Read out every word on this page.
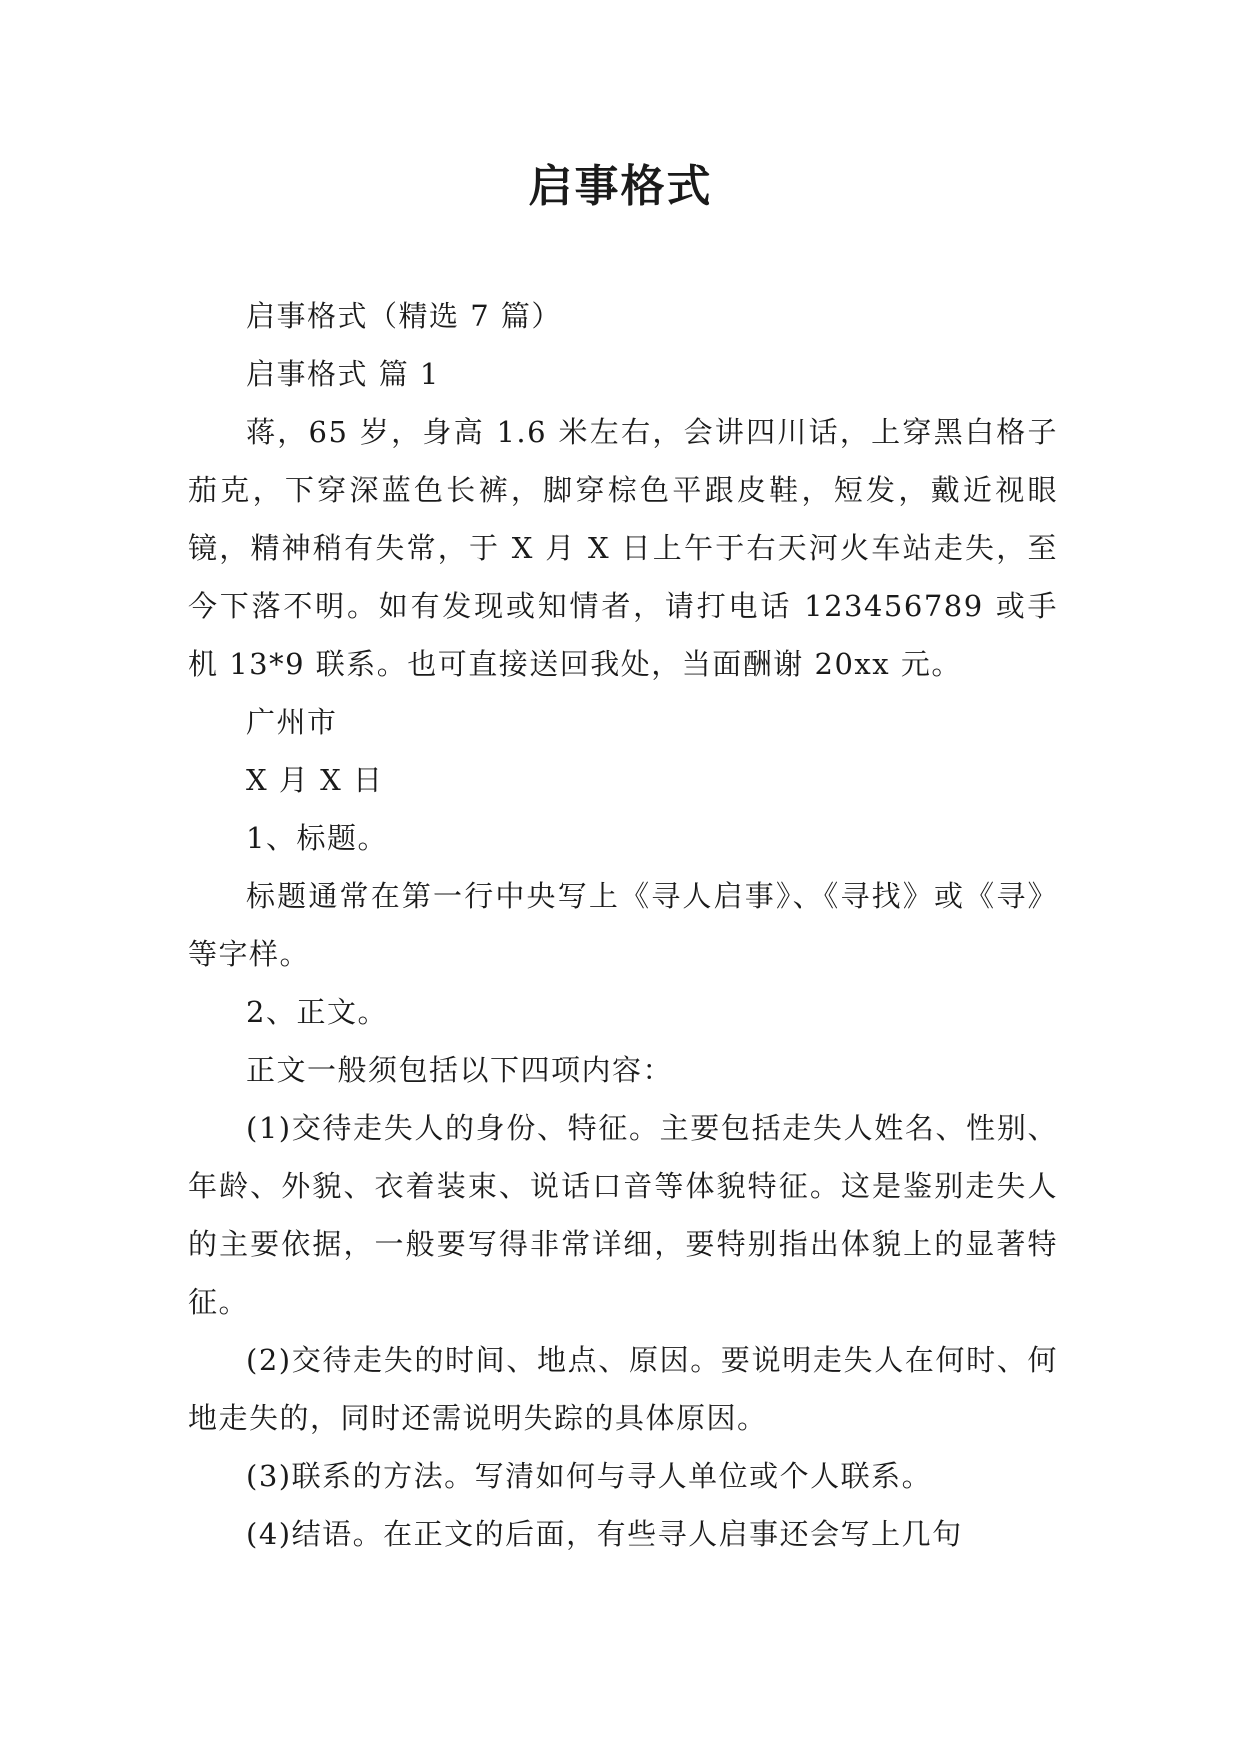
启事格式

启事格式（精选 7 篇）

启事格式 篇 1

蒋，65 岁，身高 1.6 米左右，会讲四川话，上穿黑白格子茄克，下穿深蓝色长裤，脚穿棕色平跟皮鞋，短发，戴近视眼镜，精神稍有失常，于 X 月 X 日上午于右天河火车站走失，至今下落不明。如有发现或知情者，请打电话 123456789 或手机 13*9 联系。也可直接送回我处，当面酬谢 20xx 元。

广州市

X 月 X 日

1、标题。

标题通常在第一行中央写上《寻人启事》、《寻找》或《寻》等字样。

2、正文。

正文一般须包括以下四项内容：

(1)交待走失人的身份、特征。主要包括走失人姓名、性别、年龄、外貌、衣着装束、说话口音等体貌特征。这是鉴别走失人的主要依据，一般要写得非常详细，要特别指出体貌上的显著特征。

(2)交待走失的时间、地点、原因。要说明走失人在何时、何地走失的，同时还需说明失踪的具体原因。

(3)联系的方法。写清如何与寻人单位或个人联系。

(4)结语。在正文的后面，有些寻人启事还会写上几句
